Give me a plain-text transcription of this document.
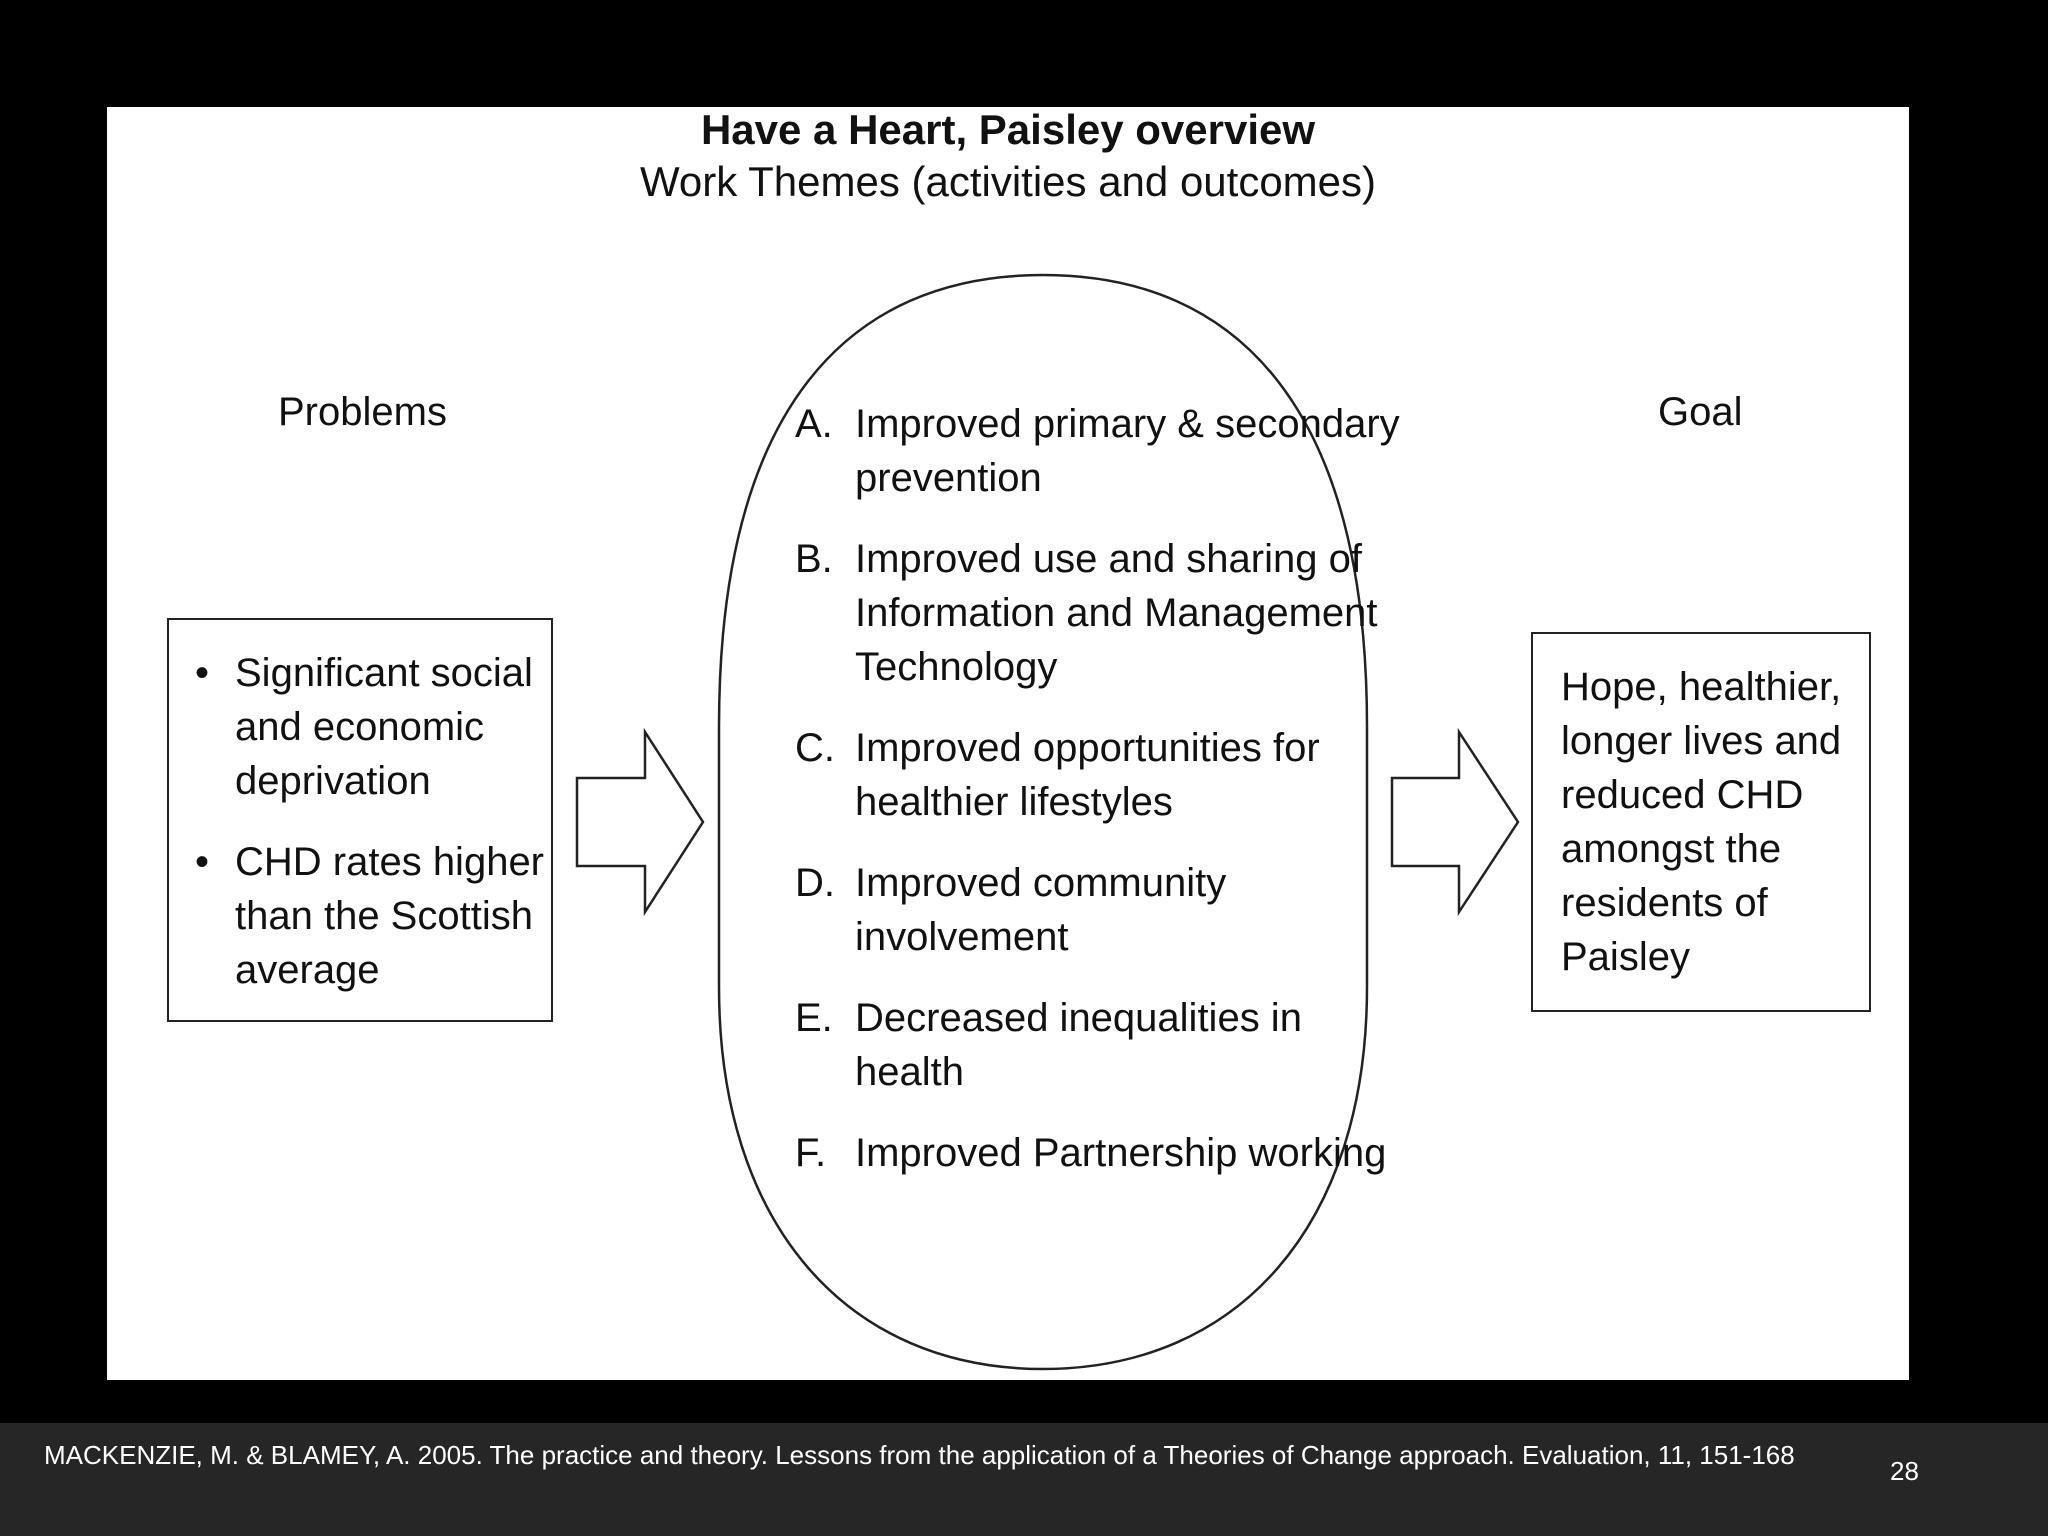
Have a Heart, Paisley overview
Work Themes (activities and outcomes)
Problems	Goal
• Significant social and economic deprivation
• CHD rates higher than the Scottish average
A. Improved primary & secondary prevention
B. Improved use and sharing of Information and Management Technology
C. Improved opportunities for healthier lifestyles
D. Improved community involvement
E. Decreased inequalities in health
F. Improved Partnership working
Hope, healthier, longer lives and reduced CHD amongst the residents of Paisley
MACKENZIE, M. & BLAMEY, A. 2005. The practice and theory. Lessons from the application of a Theories of Change approach. Evaluation, 11, 151-168
28
